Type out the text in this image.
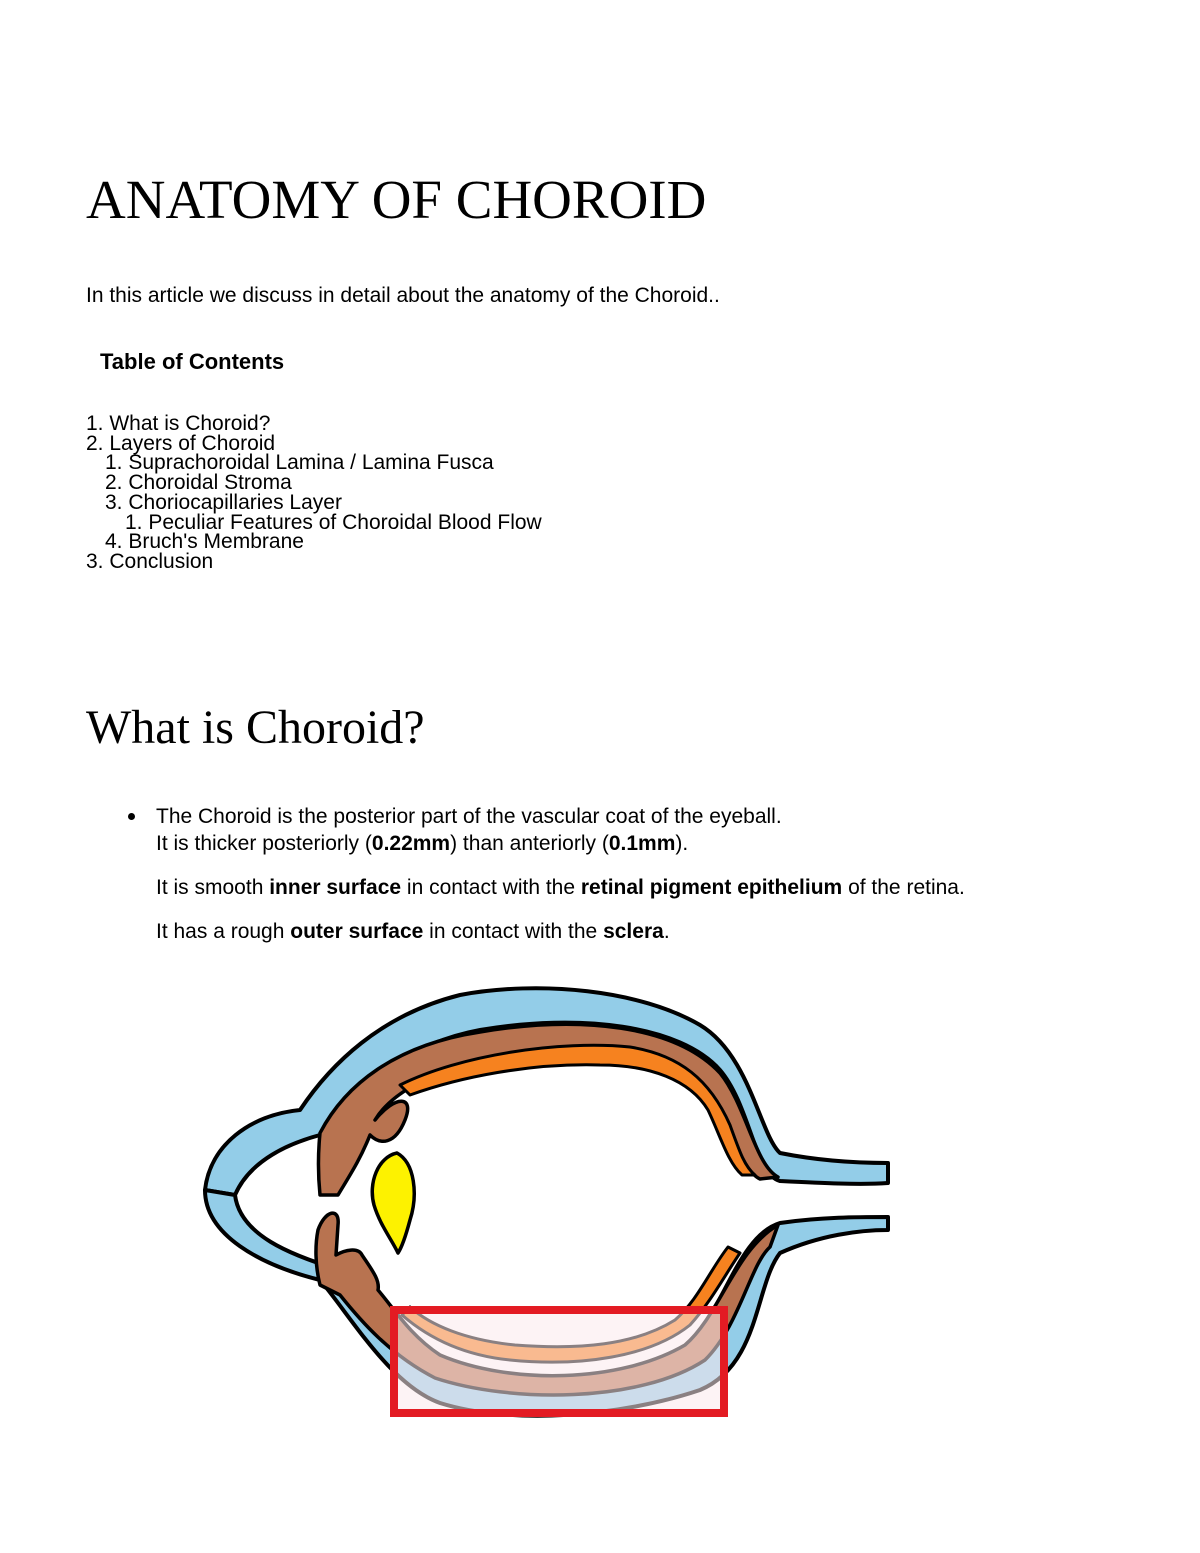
ANATOMY OF CHOROID

In this article we discuss in detail about the anatomy of the Choroid..

Table of Contents
1. What is Choroid?
2. Layers of Choroid
1. Suprachoroidal Lamina / Lamina Fusca
2. Choroidal Stroma
3. Choriocapillaries Layer
1. Peculiar Features of Choroidal Blood Flow
4. Bruch's Membrane
3. Conclusion
What is Choroid?

The Choroid is the posterior part of the vascular coat of the eyeball.
It is thicker posteriorly (0.22mm) than anteriorly (0.1mm).

It is smooth inner surface in contact with the retinal pigment epithelium of the retina.

It has a rough outer surface in contact with the sclera.
